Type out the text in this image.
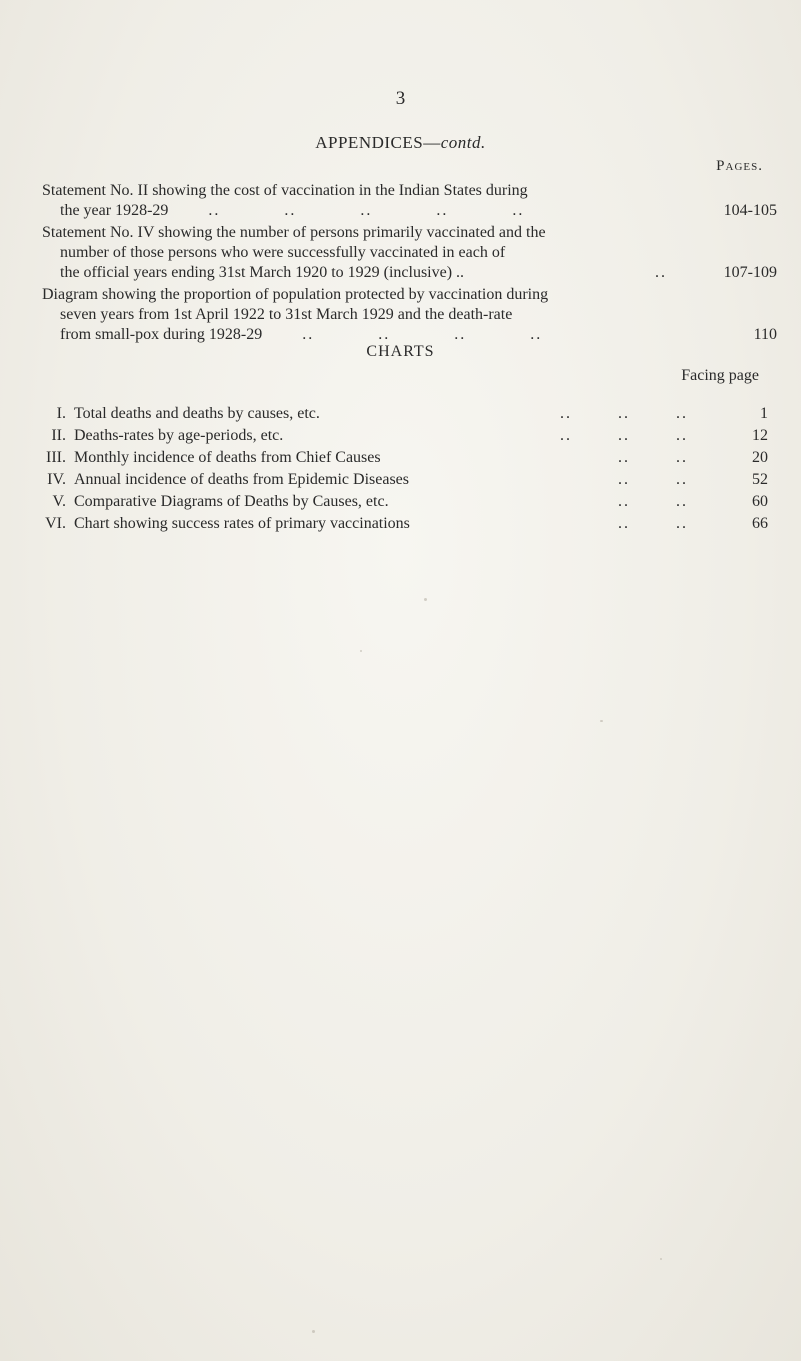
3
APPENDICES—contd.
Pages.
Statement No. II showing the cost of vaccination in the Indian States during
the year 1928-29	.. .. .. .. ..	104-105
Statement No. IV showing the number of persons primarily vaccinated and the
number of those persons who were successfully vaccinated in each of
the official years ending 31st March 1920 to 1929 (inclusive) ..	..	107-109
Diagram showing the proportion of population protected by vaccination during
seven years from 1st April 1922 to 31st March 1929 and the death-rate
from small-pox during 1928-29	.. .. .. ..	110
CHARTS
Facing page
I. Total deaths and deaths by causes, etc.	.. .. ..	1
II. Deaths-rates by age-periods, etc.	.. .. ..	12
III. Monthly incidence of deaths from Chief Causes	.. ..	20
IV. Annual incidence of deaths from Epidemic Diseases	.. ..	52
V. Comparative Diagrams of Deaths by Causes, etc.	.. ..	60
VI. Chart showing success rates of primary vaccinations	.. ..	66
